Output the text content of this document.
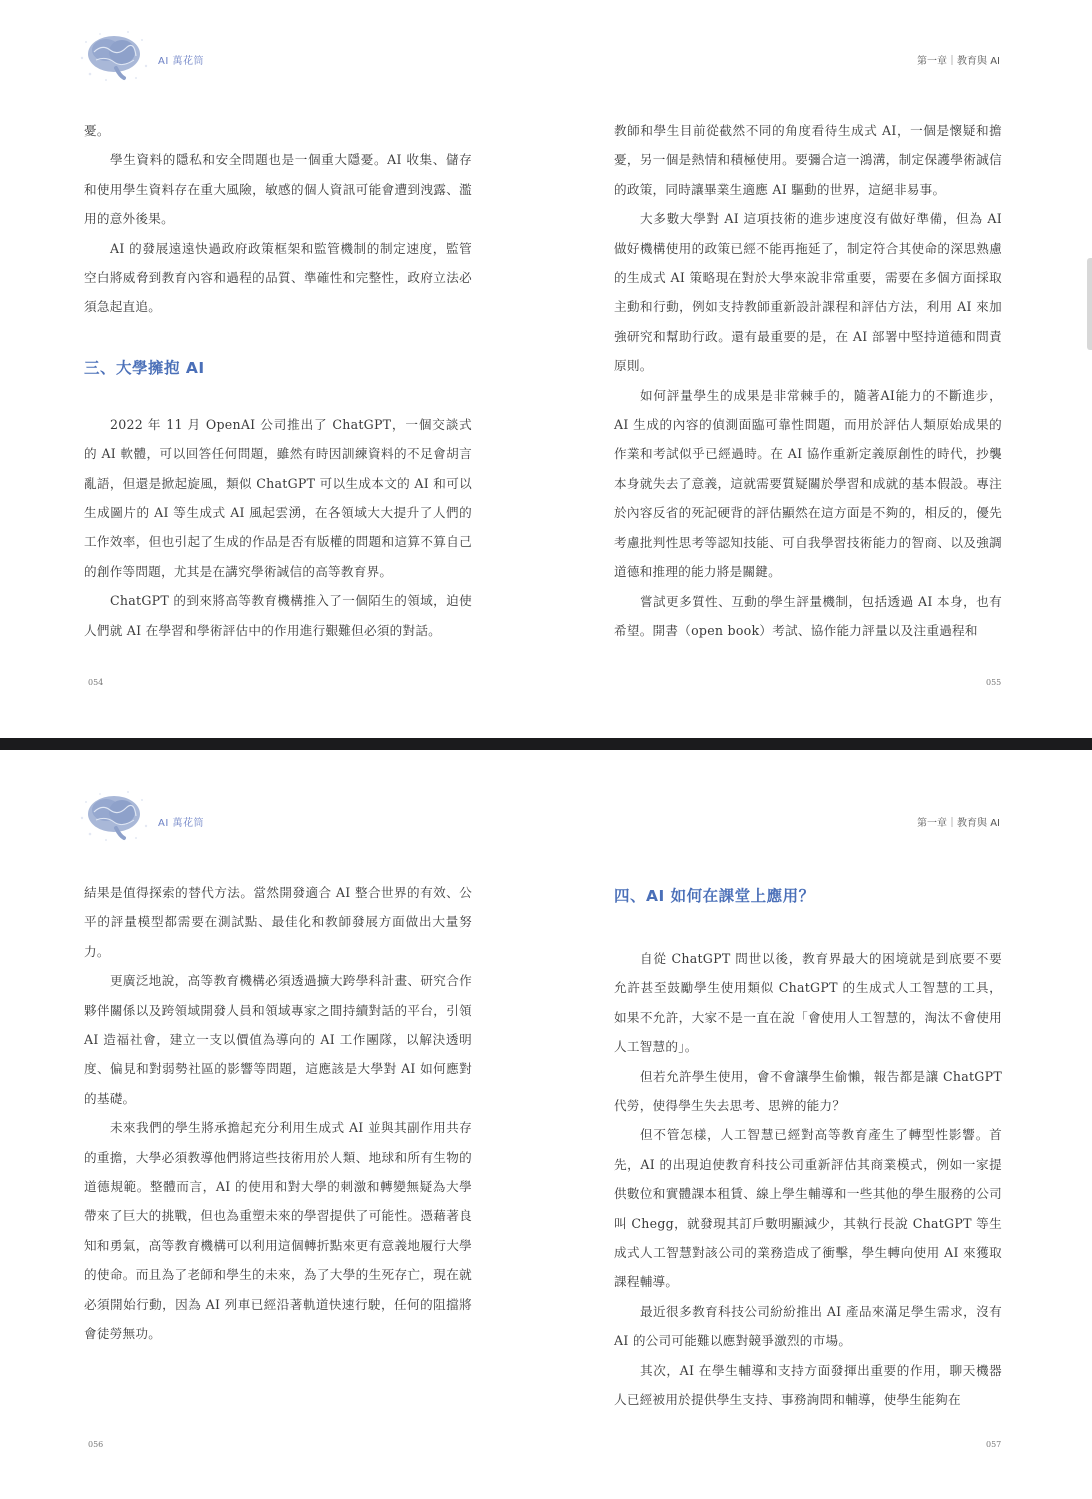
AI 萬花筒	第一章｜教育與 AI

憂。

學生資料的隱私和安全問題也是一個重大隱憂。AI 收集、儲存和使用學生資料存在重大風險，敏感的個人資訊可能會遭到洩露、濫用的意外後果。

AI 的發展遠遠快過政府政策框架和監管機制的制定速度，監管空白將威脅到教育內容和過程的品質、準確性和完整性，政府立法必須急起直追。

三、大學擁抱 AI

2022 年 11 月 OpenAI 公司推出了 ChatGPT，一個交談式的 AI 軟體，可以回答任何問題，雖然有時因訓練資料的不足會胡言亂語，但還是掀起旋風，類似 ChatGPT 可以生成本文的 AI 和可以生成圖片的 AI 等生成式 AI 風起雲湧，在各領域大大提升了人們的工作效率，但也引起了生成的作品是否有版權的問題和這算不算自己的創作等問題，尤其是在講究學術誠信的高等教育界。

ChatGPT 的到來將高等教育機構推入了一個陌生的領域，迫使人們就 AI 在學習和學術評估中的作用進行艱難但必須的對話。

教師和學生目前從截然不同的角度看待生成式 AI，一個是懷疑和擔憂，另一個是熱情和積極使用。要彌合這一鴻溝，制定保護學術誠信的政策，同時讓畢業生適應 AI 驅動的世界，這絕非易事。

大多數大學對 AI 這項技術的進步速度沒有做好準備，但為 AI 做好機構使用的政策已經不能再拖延了，制定符合其使命的深思熟慮的生成式 AI 策略現在對於大學來說非常重要，需要在多個方面採取主動和行動，例如支持教師重新設計課程和評估方法，利用 AI 來加強研究和幫助行政。還有最重要的是，在 AI 部署中堅持道德和問責原則。

如何評量學生的成果是非常棘手的，隨著AI能力的不斷進步，AI 生成的內容的偵測面臨可靠性問題，而用於評估人類原始成果的作業和考試似乎已經過時。在 AI 協作重新定義原創性的時代，抄襲本身就失去了意義，這就需要質疑關於學習和成就的基本假設。專注於內容反省的死記硬背的評估顯然在這方面是不夠的，相反的，優先考慮批判性思考等認知技能、可自我學習技術能力的智商、以及強調道德和推理的能力將是關鍵。

嘗試更多質性、互動的學生評量機制，包括透過 AI 本身，也有希望。開書（open book）考試、協作能力評量以及注重過程和

054	055
AI 萬花筒	第一章｜教育與 AI

結果是值得探索的替代方法。當然開發適合 AI 整合世界的有效、公平的評量模型都需要在測試點、最佳化和教師發展方面做出大量努力。

更廣泛地說，高等教育機構必須透過擴大跨學科計畫、研究合作夥伴關係以及跨領域開發人員和領域專家之間持續對話的平台，引領 AI 造福社會，建立一支以價值為導向的 AI 工作團隊，以解決透明度、偏見和對弱勢社區的影響等問題，這應該是大學對 AI 如何應對的基礎。

未來我們的學生將承擔起充分利用生成式 AI 並與其副作用共存的重擔，大學必須教導他們將這些技術用於人類、地球和所有生物的道德規範。整體而言，AI 的使用和對大學的刺激和轉變無疑為大學帶來了巨大的挑戰，但也為重塑未來的學習提供了可能性。憑藉著良知和勇氣，高等教育機構可以利用這個轉折點來更有意義地履行大學的使命。而且為了老師和學生的未來，為了大學的生死存亡，現在就必須開始行動，因為 AI 列車已經沿著軌道快速行駛，任何的阻擋將會徒勞無功。

四、AI 如何在課堂上應用？

自從 ChatGPT 問世以後，教育界最大的困境就是到底要不要允許甚至鼓勵學生使用類似 ChatGPT 的生成式人工智慧的工具，如果不允許，大家不是一直在說「會使用人工智慧的，淘汰不會使用人工智慧的」。

但若允許學生使用，會不會讓學生偷懶，報告都是讓 ChatGPT 代勞，使得學生失去思考、思辨的能力？

但不管怎樣，人工智慧已經對高等教育產生了轉型性影響。首先，AI 的出現迫使教育科技公司重新評估其商業模式，例如一家提供數位和實體課本租賃、線上學生輔導和一些其他的學生服務的公司叫 Chegg，就發現其訂戶數明顯減少，其執行長說 ChatGPT 等生成式人工智慧對該公司的業務造成了衝擊，學生轉向使用 AI 來獲取課程輔導。

最近很多教育科技公司紛紛推出 AI 產品來滿足學生需求，沒有 AI 的公司可能難以應對競爭激烈的市場。

其次，AI 在學生輔導和支持方面發揮出重要的作用，聊天機器人已經被用於提供學生支持、事務詢問和輔導，使學生能夠在

056	057
